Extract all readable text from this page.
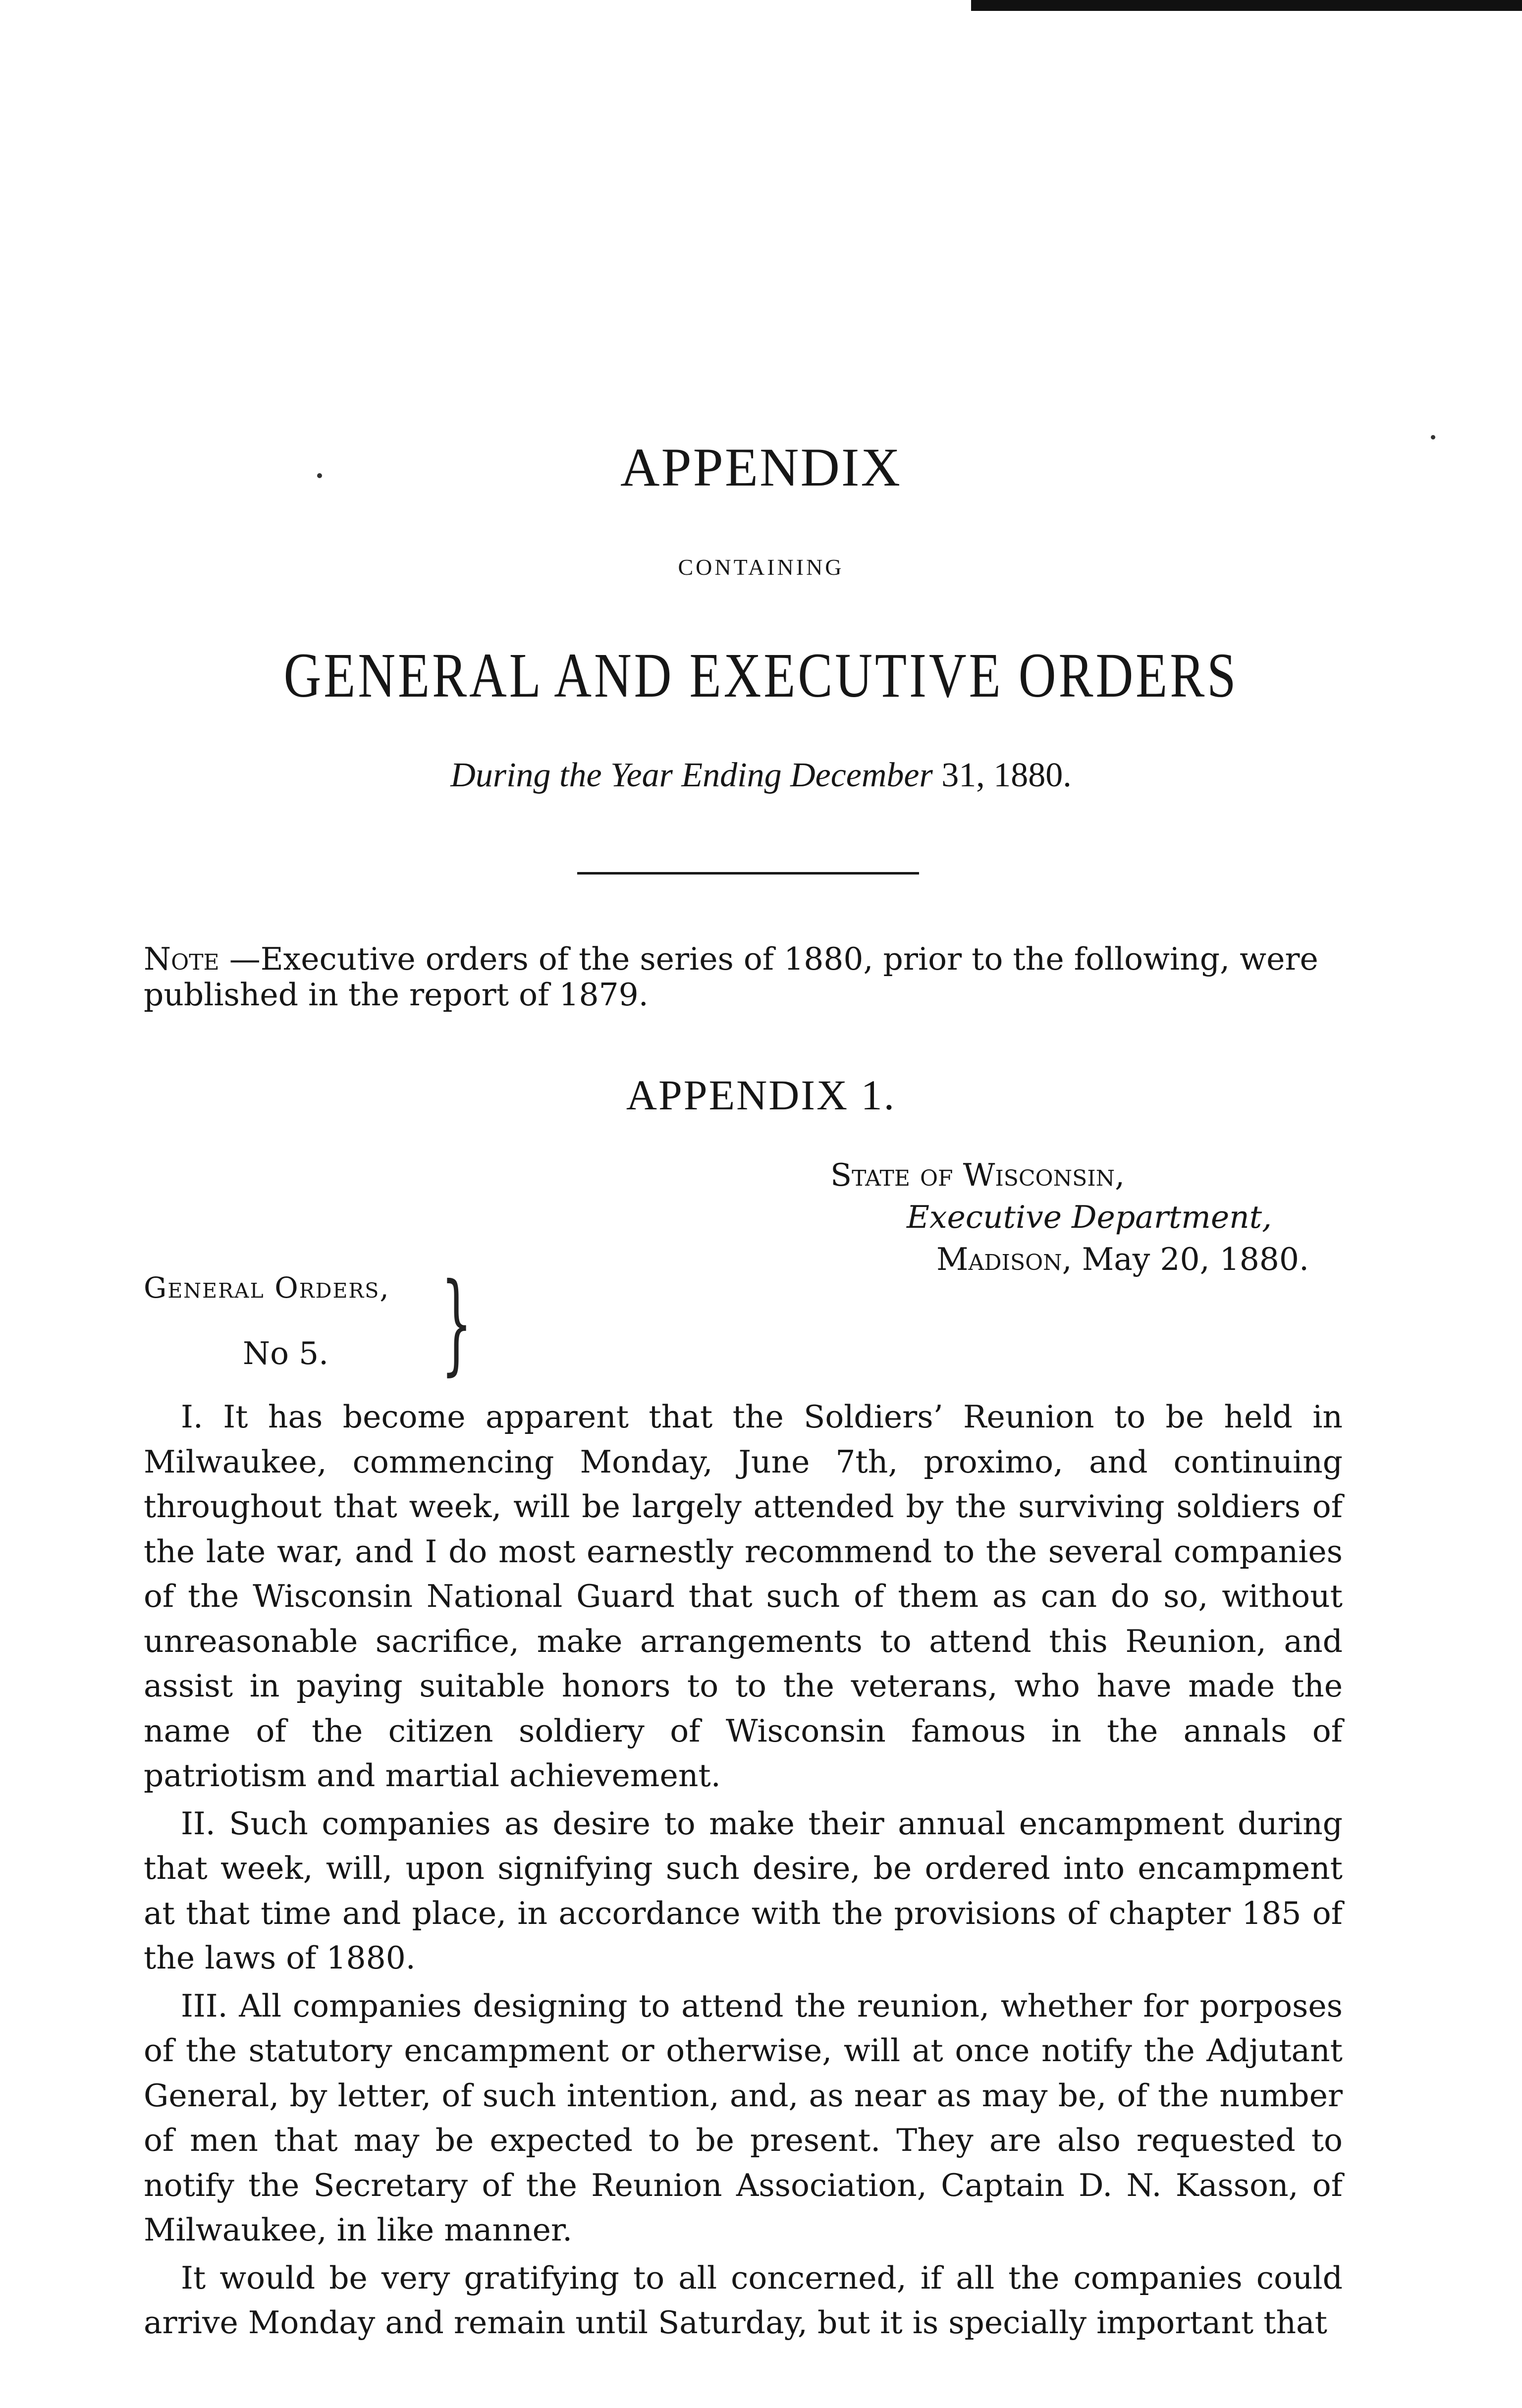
APPENDIX
CONTAINING
GENERAL AND EXECUTIVE ORDERS
During the Year Ending December 31, 1880.
Note —Executive orders of the series of 1880, prior to the following, were published in the report of 1879.
APPENDIX 1.
State of Wisconsin,
Executive Department,
Madison, May 20, 1880.
General Orders,
No 5. }

I. It has become apparent that the Soldiers’ Reunion to be held in Milwaukee, commencing Monday, June 7th, proximo, and continuing throughout that week, will be largely attended by the surviving soldiers of the late war, and I do most earnestly recommend to the several companies of the Wisconsin National Guard that such of them as can do so, without unreasonable sacrifice, make arrangements to attend this Reunion, and assist in paying suitable honors to to the veterans, who have made the name of the citizen soldiery of Wisconsin famous in the annals of patriotism and martial achievement.

II. Such companies as desire to make their annual encampment during that week, will, upon signifying such desire, be ordered into encampment at that time and place, in accordance with the provisions of chapter 185 of the laws of 1880.

III. All companies designing to attend the reunion, whether for porposes of the statutory encampment or otherwise, will at once notify the Adjutant General, by letter, of such intention, and, as near as may be, of the number of men that may be expected to be present. They are also requested to notify the Secretary of the Reunion Association, Captain D. N. Kasson, of Milwaukee, in like manner.

It would be very gratifying to all concerned, if all the companies could arrive Monday and remain until Saturday, but it is specially important that
